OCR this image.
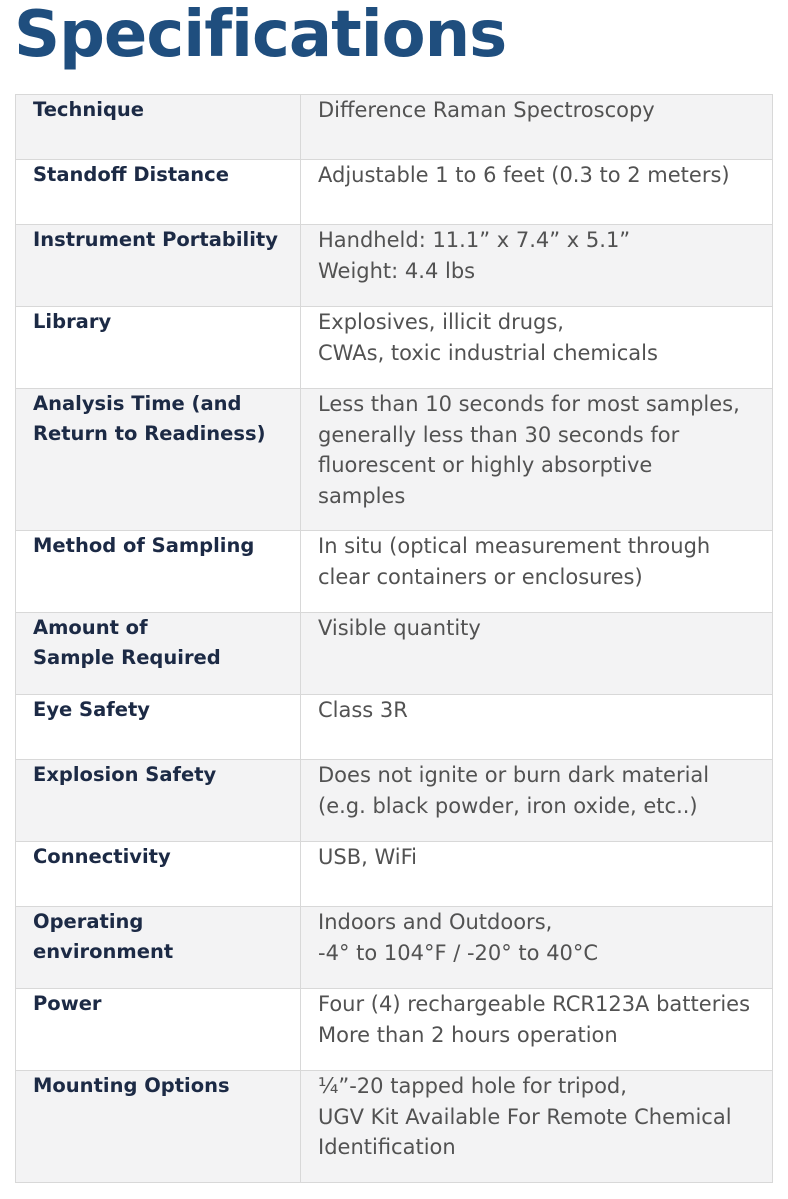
Specifications
Technique	Difference Raman Spectroscopy

Standoff Distance	Adjustable 1 to 6 feet (0.3 to 2 meters)

Instrument Portability	Handheld: 11.1” x 7.4” x 5.1”
Weight: 4.4 lbs

Library	Explosives, illicit drugs,
CWAs, toxic industrial chemicals

Analysis Time (and
Return to Readiness)	Less than 10 seconds for most samples,
generally less than 30 seconds for
fluorescent or highly absorptive
samples

Method of Sampling	In situ (optical measurement through
clear containers or enclosures)

Amount of
Sample Required	Visible quantity

Eye Safety	Class 3R

Explosion Safety	Does not ignite or burn dark material
(e.g. black powder, iron oxide, etc..)

Connectivity	USB, WiFi

Operating
environment	Indoors and Outdoors,
-4° to 104°F / -20° to 40°C

Power	Four (4) rechargeable RCR123A batteries
More than 2 hours operation

Mounting Options	¼”-20 tapped hole for tripod,
UGV Kit Available For Remote Chemical
Identification
